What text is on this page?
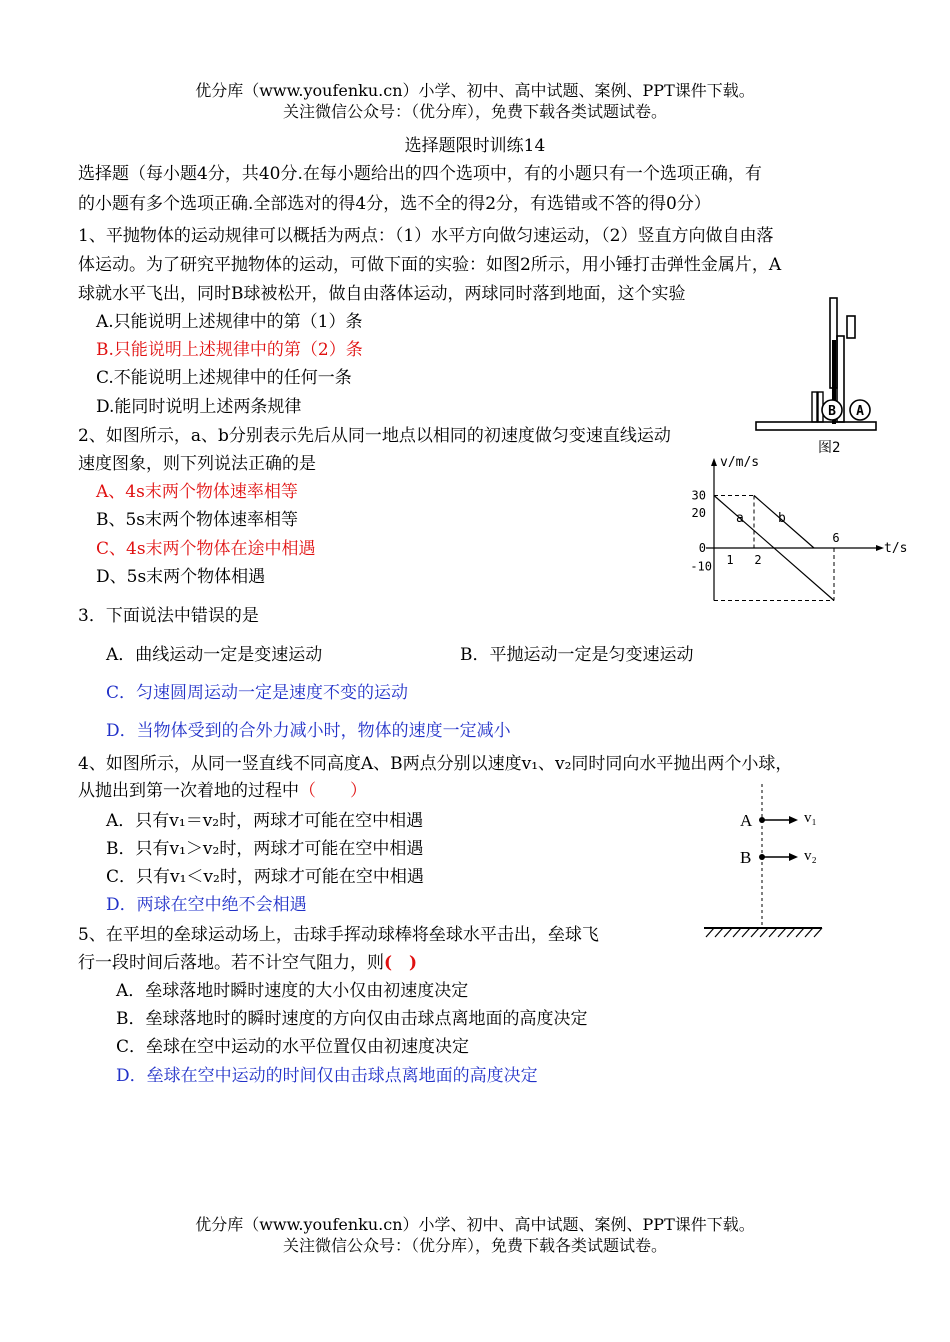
优分库（www.youfenku.cn）小学、初中、高中试题、案例、PPT课件下载。
关注微信公众号：（优分库），免费下载各类试题试卷。
选择题限时训练14
选择题（每小题4分，共40分.在每小题给出的四个选项中，有的小题只有一个选项正确，有
的小题有多个选项正确.全部选对的得4分，选不全的得2分，有选错或不答的得0分）
1、平抛物体的运动规律可以概括为两点：（1）水平方向做匀速运动，（2）竖直方向做自由落
体运动。为了研究平抛物体的运动，可做下面的实验：如图2所示，用小锤打击弹性金属片，A
球就水平飞出，同时B球被松开，做自由落体运动，两球同时落到地面，这个实验
A.只能说明上述规律中的第（1）条
B.只能说明上述规律中的第（2）条
C.不能说明上述规律中的任何一条
D.能同时说明上述两条规律	B A
图2
2、如图所示，a、b分别表示先后从同一地点以相同的初速度做匀变速直线运动
速度图象，则下列说法正确的是
A、4s末两个物体速率相等
B、5s末两个物体速率相等
C、4s末两个物体在途中相遇
D、5s末两个物体相遇
v/m/s
t/s
30
20
0
-10 1 2
6
a	b
3．下面说法中错误的是
A．曲线运动一定是变速运动	B．平抛运动一定是匀变速运动
C．匀速圆周运动一定是速度不变的运动
D．当物体受到的合外力减小时，物体的速度一定减小
4、如图所示，从同一竖直线不同高度A、B两点分别以速度v₁、v₂同时同向水平抛出两个小球，
从抛出到第一次着地的过程中（　　）
A．只有v₁＝v₂时，两球才可能在空中相遇
B．只有v₁＞v₂时，两球才可能在空中相遇
C．只有v₁＜v₂时，两球才可能在空中相遇
D．两球在空中绝不会相遇
A
B
v₁
v₂
5、在平坦的垒球运动场上，击球手挥动球棒将垒球水平击出，垒球飞
行一段时间后落地。若不计空气阻力，则(　)
A．垒球落地时瞬时速度的大小仅由初速度决定
B．垒球落地时的瞬时速度的方向仅由击球点离地面的高度决定
C．垒球在空中运动的水平位置仅由初速度决定
D．垒球在空中运动的时间仅由击球点离地面的高度决定
优分库（www.youfenku.cn）小学、初中、高中试题、案例、PPT课件下载。
关注微信公众号：（优分库），免费下载各类试题试卷。
